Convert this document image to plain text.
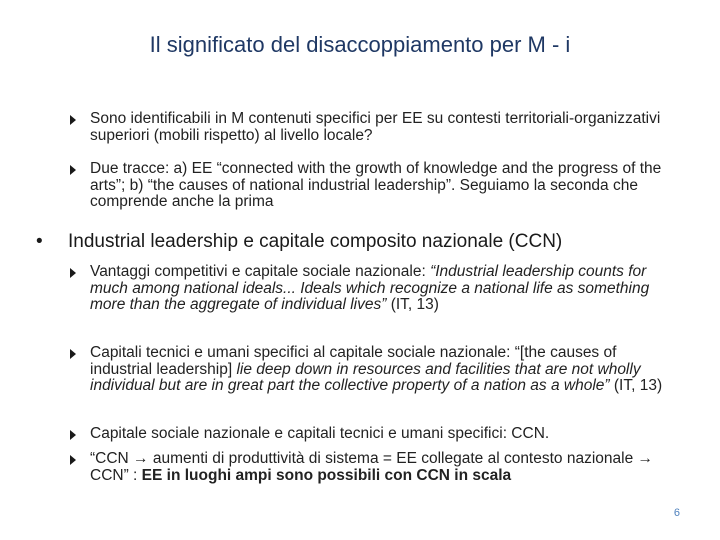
Il significato del disaccoppiamento per M - i
Sono identificabili in M contenuti specifici per EE su contesti territoriali-organizzativi superiori (mobili rispetto) al livello locale?
Due tracce: a) EE “connected with the growth of knowledge and the progress of the arts”; b) “the causes of national industrial leadership”. Seguiamo la seconda che comprende anche la prima
• Industrial leadership e capitale composito nazionale (CCN)
Vantaggi competitivi e capitale sociale nazionale: “Industrial leadership counts for much among national ideals... Ideals which recognize a national life as something more than the aggregate of individual lives” (IT, 13)
Capitali tecnici e umani specifici al capitale sociale nazionale: “[the causes of industrial leadership] lie deep down in resources and facilities that are not wholly individual but are in great part the collective property of a nation as a whole” (IT, 13)
Capitale sociale nazionale e capitali tecnici e umani specifici: CCN.
“CCN → aumenti di produttività di sistema = EE collegate al contesto nazionale → CCN” : EE in luoghi ampi sono possibili con CCN in scala
6
